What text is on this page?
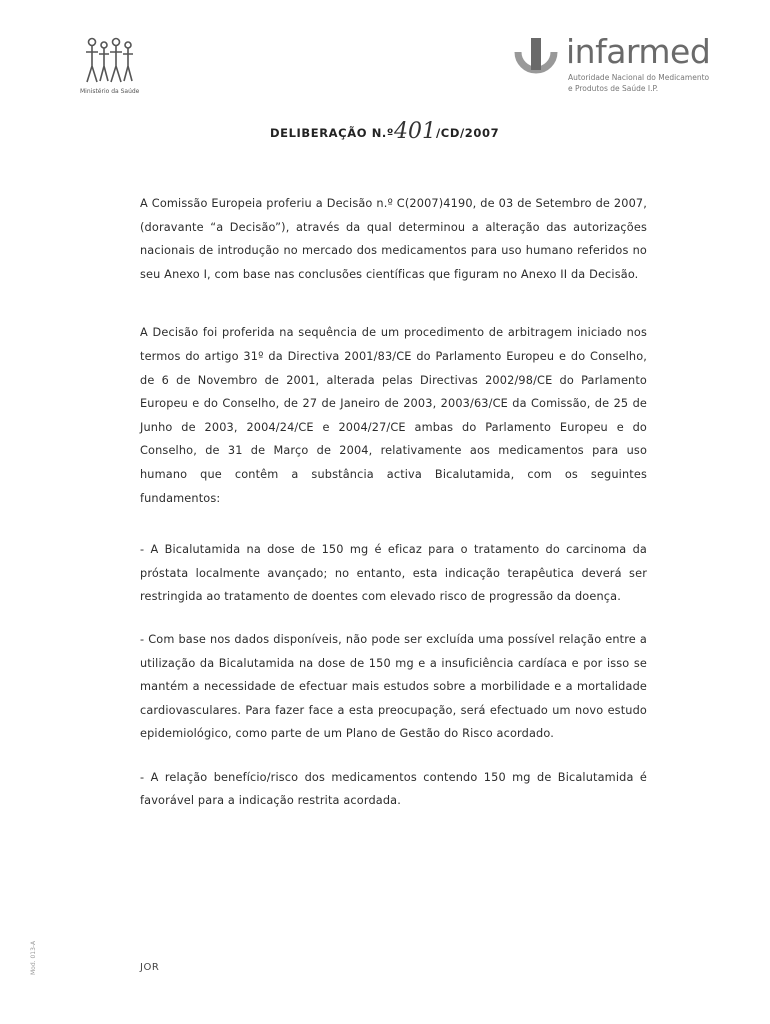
Ministério da Saúde
infarmed
Autoridade Nacional do Medicamento
e Produtos de Saúde I.P.
DELIBERAÇÃO N.º401/CD/2007

A Comissão Europeia proferiu a Decisão n.º C(2007)4190, de 03 de Setembro de 2007, (doravante “a Decisão”), através da qual determinou a alteração das autorizações nacionais de introdução no mercado dos medicamentos para uso humano referidos no seu Anexo I, com base nas conclusões científicas que figuram no Anexo II da Decisão.

A Decisão foi proferida na sequência de um procedimento de arbitragem iniciado nos termos do artigo 31º da Directiva 2001/83/CE do Parlamento Europeu e do Conselho, de 6 de Novembro de 2001, alterada pelas Directivas 2002/98/CE do Parlamento Europeu e do Conselho, de 27 de Janeiro de 2003, 2003/63/CE da Comissão, de 25 de Junho de 2003, 2004/24/CE e 2004/27/CE ambas do Parlamento Europeu e do Conselho, de 31 de Março de 2004, relativamente aos medicamentos para uso humano que contêm a substância activa Bicalutamida, com os seguintes fundamentos:

- A Bicalutamida na dose de 150 mg é eficaz para o tratamento do carcinoma da próstata localmente avançado; no entanto, esta indicação terapêutica deverá ser restringida ao tratamento de doentes com elevado risco de progressão da doença.

- Com base nos dados disponíveis, não pode ser excluída uma possível relação entre a utilização da Bicalutamida na dose de 150 mg e a insuficiência cardíaca e por isso se mantém a necessidade de efectuar mais estudos sobre a morbilidade e a mortalidade cardiovasculares. Para fazer face a esta preocupação, será efectuado um novo estudo epidemiológico, como parte de um Plano de Gestão do Risco acordado.

- A relação benefício/risco dos medicamentos contendo 150 mg de Bicalutamida é favorável para a indicação restrita acordada.

JOR
Mod. 013-A
